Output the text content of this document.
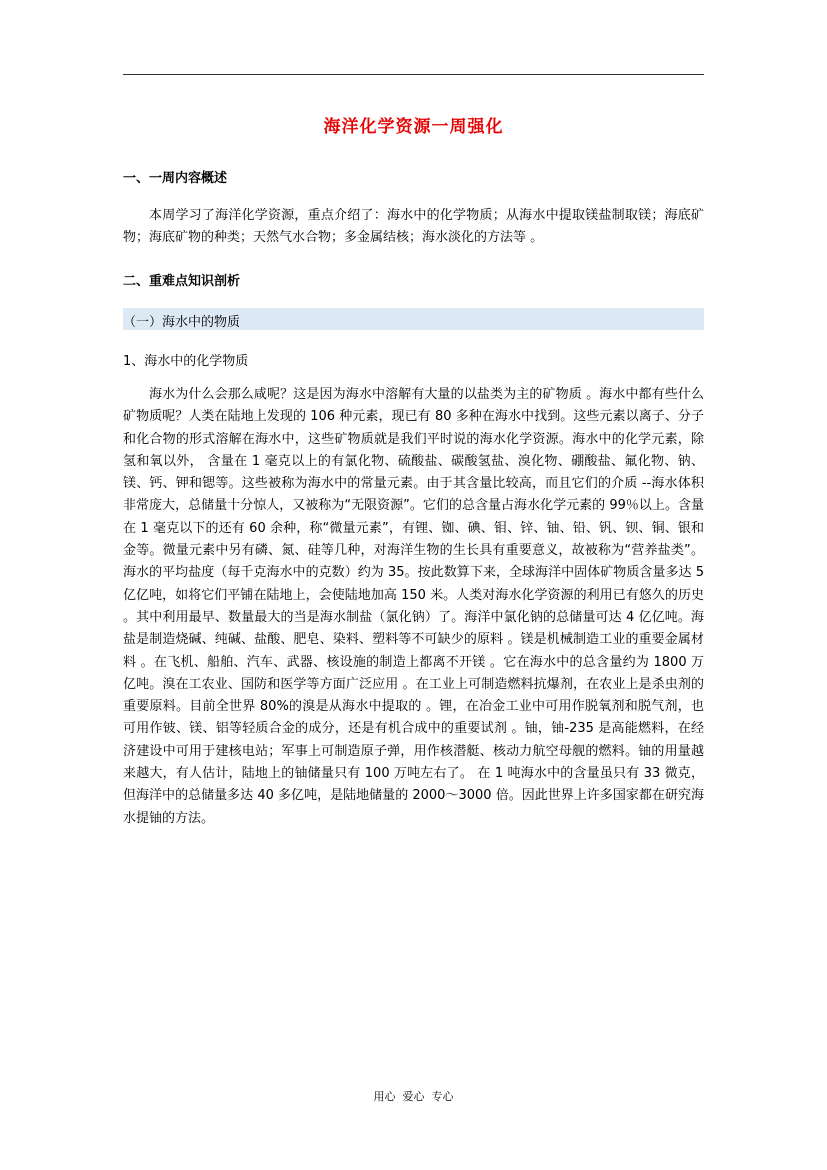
海洋化学资源一周强化
一、一周内容概述

本周学习了海洋化学资源，重点介绍了：海水中的化学物质；从海水中提取镁盐制取镁；海底矿物；海底矿物的种类；天然气水合物；多金属结核；海水淡化的方法等 。

二、重难点知识剖析
（一）海水中的物质
1、海水中的化学物质

海水为什么会那么咸呢？这是因为海水中溶解有大量的以盐类为主的矿物质 。海水中都有些什么矿物质呢？人类在陆地上发现的 106 种元素，现已有 80 多种在海水中找到。这些元素以离子、分子和化合物的形式溶解在海水中，这些矿物质就是我们平时说的海水化学资源。海水中的化学元素，除氢和氧以外， 含量在 1 毫克以上的有氯化物、硫酸盐、碳酸氢盐、溴化物、硼酸盐、氟化物、钠、镁、钙、钾和锶等。这些被称为海水中的常量元素。由于其含量比较高，而且它们的介质 --海水体积非常庞大，总储量十分惊人，又被称为“无限资源”。它们的总含量占海水化学元素的 99％以上。含量在 1 毫克以下的还有 60 余种，称“微量元素”，有锂、铷、碘、钼、锌、铀、铅、钒、钡、铜、银和金等。微量元素中另有磷、氮、硅等几种，对海洋生物的生长具有重要意义，故被称为“营养盐类”。海水的平均盐度（每千克海水中的克数）约为 35。按此数算下来，全球海洋中固体矿物质含量多达 5 亿亿吨，如将它们平铺在陆地上，会使陆地加高 150 米。人类对海水化学资源的利用已有悠久的历史 。其中利用最早、数量最大的当是海水制盐（氯化钠）了。海洋中氯化钠的总储量可达 4 亿亿吨。海盐是制造烧碱、纯碱、盐酸、肥皂、染料、塑料等不可缺少的原料 。镁是机械制造工业的重要金属材料 。在飞机、船舶、汽车、武器、核设施的制造上都离不开镁 。它在海水中的总含量约为 1800 万亿吨。溴在工农业、国防和医学等方面广泛应用 。在工业上可制造燃料抗爆剂，在农业上是杀虫剂的重要原料。目前全世界 80%的溴是从海水中提取的 。锂，在冶金工业中可用作脱氧剂和脱气剂，也可用作铍、镁、铝等轻质合金的成分，还是有机合成中的重要试剂 。铀，铀-235 是高能燃料，在经济建设中可用于建核电站；军事上可制造原子弹，用作核潜艇、核动力航空母舰的燃料。铀的用量越来越大，有人估计，陆地上的铀储量只有 100 万吨左右了。 在 1 吨海水中的含量虽只有 33 微克，但海洋中的总储量多达 40 多亿吨，是陆地储量的 2000～3000 倍。因此世界上许多国家都在研究海水提铀的方法。

用心  爱心  专心
